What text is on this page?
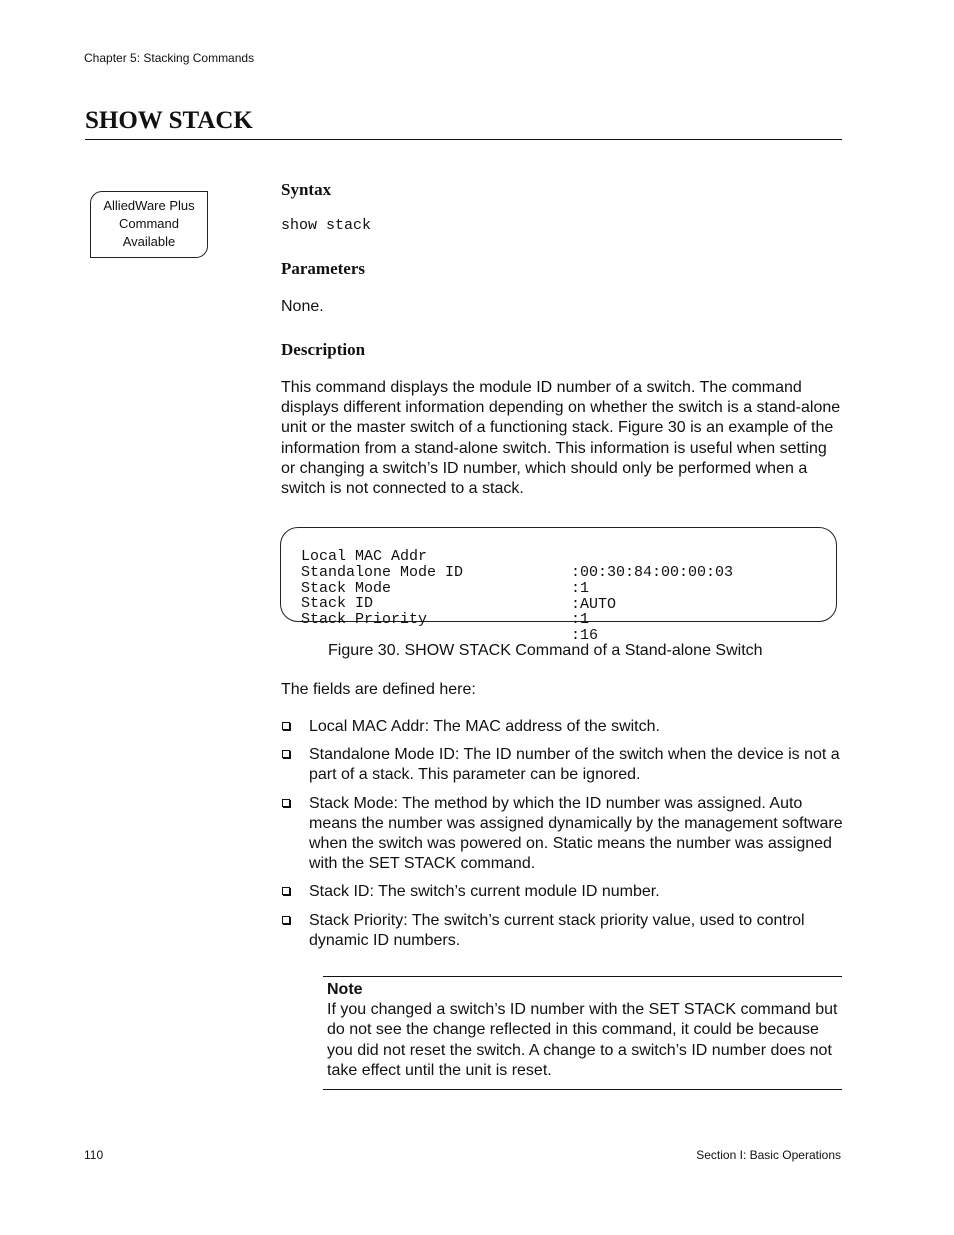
Chapter 5: Stacking Commands
SHOW STACK
AlliedWare Plus
Command
Available
Syntax
show stack
Parameters
None.
Description
This command displays the module ID number of a switch. The command displays different information depending on whether the switch is a stand-alone unit or the master switch of a functioning stack. Figure 30 is an example of the information from a stand-alone switch. This information is useful when setting or changing a switch’s ID number, which should only be performed when a switch is not connected to a stack.

Local MAC Addr

:00:30:84:00:00:03

Standalone Mode ID

:1

Stack Mode

:AUTO

Stack ID

:1

Stack Priority

:16

Figure 30. SHOW STACK Command of a Stand-alone Switch
The fields are defined here:
Local MAC Addr: The MAC address of the switch.
Standalone Mode ID: The ID number of the switch when the device is not a part of a stack. This parameter can be ignored.
Stack Mode: The method by which the ID number was assigned. Auto means the number was assigned dynamically by the management software when the switch was powered on. Static means the number was assigned with the SET STACK command.
Stack ID: The switch’s current module ID number.
Stack Priority: The switch’s current stack priority value, used to control dynamic ID numbers.
Note
If you changed a switch’s ID number with the SET STACK command but do not see the change reflected in this command, it could be because you did not reset the switch. A change to a switch’s ID number does not take effect until the unit is reset.
110	Section I: Basic Operations
